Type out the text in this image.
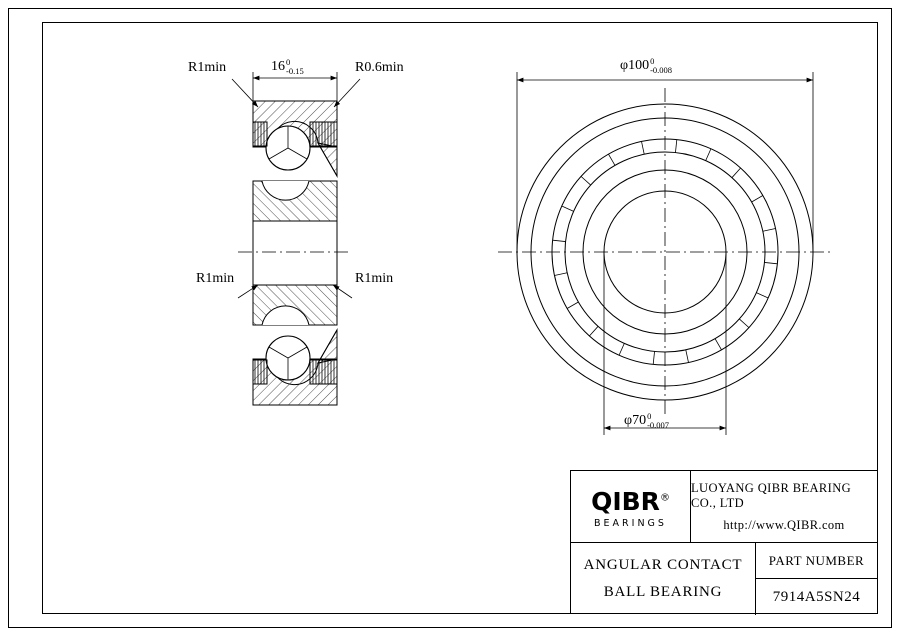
R1min	16 0
-0.15	R0.6min
R1min	R1min
φ100 0
-0.008
φ70 0
-0.007
QIBR®
BEARINGS
LUOYANG QIBR BEARING CO., LTD
http://www.QIBR.com
ANGULAR CONTACT
BALL BEARING
PART NUMBER
7914A5SN24
